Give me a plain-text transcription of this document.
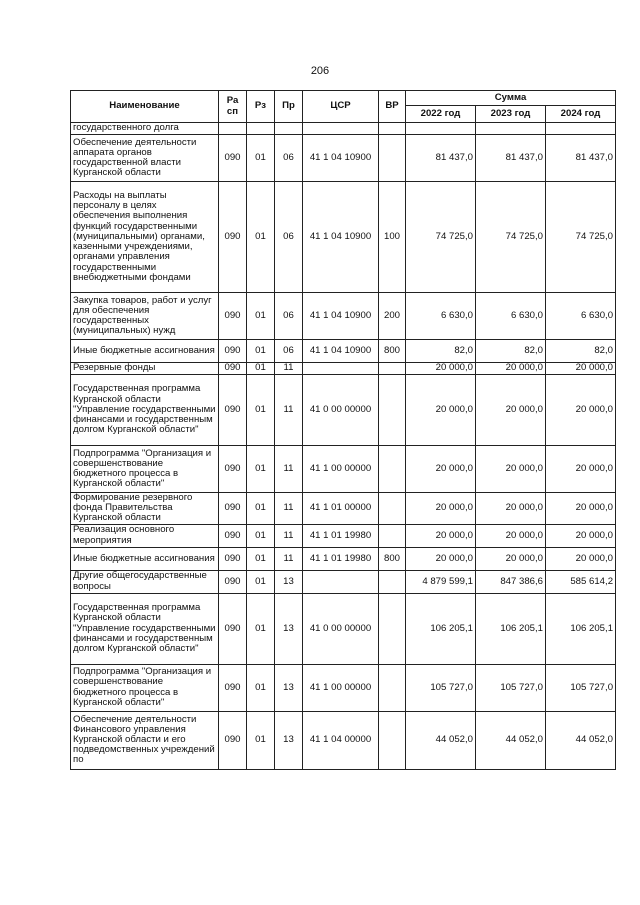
206
Наименование	Ра сп	Рз	Пр	ЦСР	ВР	Сумма		
						2022 год	2023 год	2024 год
государственного долга								
Обеспечение деятельности аппарата органов государственной власти Курганской области	090	01	06	41 1 04 10900		81 437,0	81 437,0	81 437,0
Расходы на выплаты персоналу в целях обеспечения выполнения функций государственными (муниципальными) органами, казенными учреждениями, органами управления государственными внебюджетными фондами	090	01	06	41 1 04 10900	100	74 725,0	74 725,0	74 725,0
Закупка товаров, работ и услуг для обеспечения государственных (муниципальных) нужд	090	01	06	41 1 04 10900	200	6 630,0	6 630,0	6 630,0
Иные бюджетные ассигнования	090	01	06	41 1 04 10900	800	82,0	82,0	82,0
Резервные фонды	090	01	11			20 000,0	20 000,0	20 000,0
Государственная программа Курганской области "Управление государственными финансами и государственным долгом Курганской области"	090	01	11	41 0 00 00000		20 000,0	20 000,0	20 000,0
Подпрограмма "Организация и совершенствование бюджетного процесса в Курганской области"	090	01	11	41 1 00 00000		20 000,0	20 000,0	20 000,0
Формирование резервного фонда Правительства Курганской области	090	01	11	41 1 01 00000		20 000,0	20 000,0	20 000,0
Реализация основного мероприятия	090	01	11	41 1 01 19980		20 000,0	20 000,0	20 000,0
Иные бюджетные ассигнования	090	01	11	41 1 01 19980	800	20 000,0	20 000,0	20 000,0
Другие общегосударственные вопросы	090	01	13			4 879 599,1	847 386,6	585 614,2
Государственная программа Курганской области "Управление государственными финансами и государственным долгом Курганской области"	090	01	13	41 0 00 00000		106 205,1	106 205,1	106 205,1
Подпрограмма "Организация и совершенствование бюджетного процесса в Курганской области"	090	01	13	41 1 00 00000		105 727,0	105 727,0	105 727,0
Обеспечение деятельности Финансового управления Курганской области и его подведомственных учреждений по	090	01	13	41 1 04 00000		44 052,0	44 052,0	44 052,0
